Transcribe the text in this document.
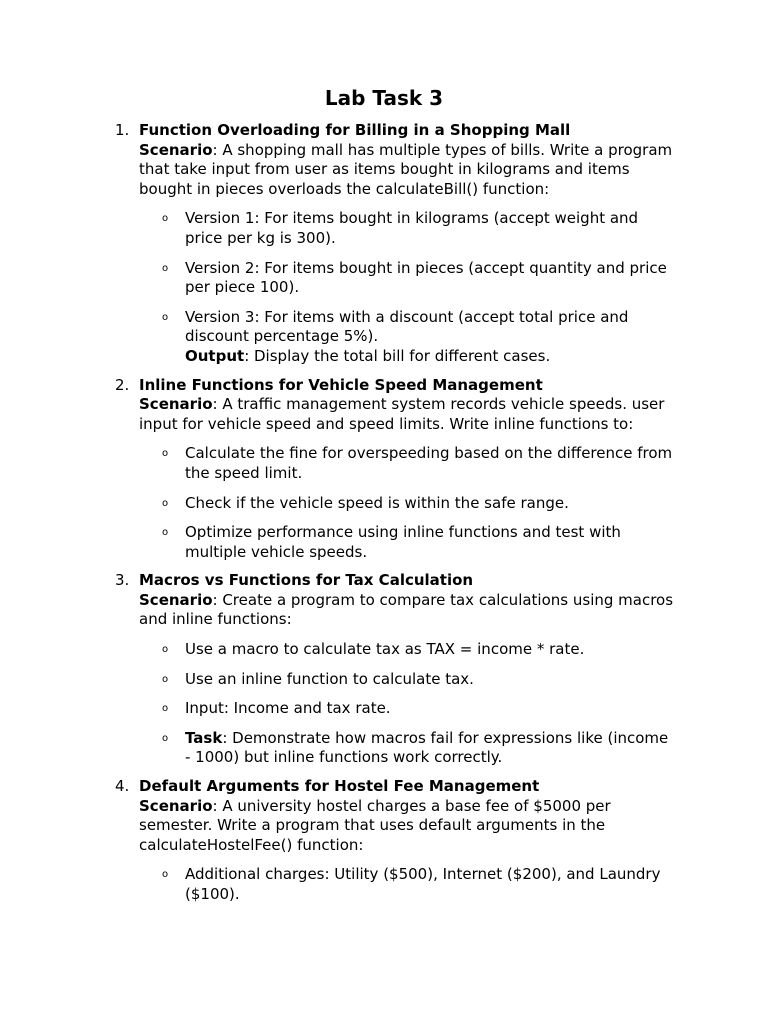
Lab Task 3
1. Function Overloading for Billing in a Shopping Mall
Scenario: A shopping mall has multiple types of bills. Write a program that take input from user as items bought in kilograms and items bought in pieces overloads the calculateBill() function:
o Version 1: For items bought in kilograms (accept weight and price per kg is 300).
o Version 2: For items bought in pieces (accept quantity and price per piece 100).
o Version 3: For items with a discount (accept total price and discount percentage 5%).
Output: Display the total bill for different cases.
2. Inline Functions for Vehicle Speed Management
Scenario: A traffic management system records vehicle speeds. user input for vehicle speed and speed limits. Write inline functions to:
o Calculate the fine for overspeeding based on the difference from the speed limit.
o Check if the vehicle speed is within the safe range.
o Optimize performance using inline functions and test with multiple vehicle speeds.
3. Macros vs Functions for Tax Calculation
Scenario: Create a program to compare tax calculations using macros and inline functions:
o Use a macro to calculate tax as TAX = income * rate.
o Use an inline function to calculate tax.
o Input: Income and tax rate.
o Task: Demonstrate how macros fail for expressions like (income - 1000) but inline functions work correctly.
4. Default Arguments for Hostel Fee Management
Scenario: A university hostel charges a base fee of $5000 per semester. Write a program that uses default arguments in the calculateHostelFee() function:
o Additional charges: Utility ($500), Internet ($200), and Laundry ($100).
